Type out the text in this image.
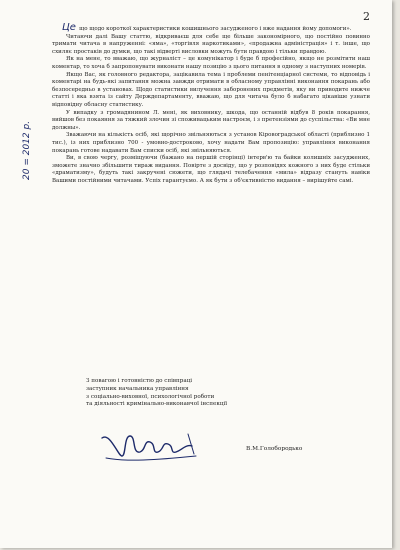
2
20 = 2012 р.

Це що щодо короткої характеристики кошишнього засудженого і вже надання йому допомоги».

Читаючи далі Вашу статтю, відкриваєш для себе ще більше закономірного, що постійно повинно тримати читача в напруженні: «яма», «торгівля наркотиками», «продажна адміністрація» і т. інше, що схиляє простаків до думки, що такі відверті висловки можуть бути правдою і тільки правдою.

Як на мене, то вважаю, що журналіст – це комунікатор і буде б професійно, якщо не розмітити наш коментар, то хоча б запропонувати виконати нашу позицію з цього питання в одному з наступних номерів.

Якщо Вас, як головного редактора, зацікавила тема і проблеми пенітенціарної системи, то відповідь і коментарі на будь-які запитання можна завжди отримати в обласному управлінні виконання покарань або безпосередньо в установах. Щодо статистики вилучення заборонених предметів, яку ви приводите нижче статті і яка взята із сайту Держдепартаменту, вважаю, що для читача було б набагато цікавіше узнати відповідну обласну статистику.

У випадку з громадянином Л. мені, як виховнику, шкода, що останній відбув 8 років покарання, вийшов без покаяння за тяжкий злочин зі споживацьким настроєм, і з претензіями до суспільства: «Ви мне должны».

Зважаючи на кількість осіб, які щорічно звільняються з установ Кіровоградської області (приблизно 1 тис.), із них приблизно 700 - умовно-достроково, хочу надати Вам пропозицію: управління виконання покарань готове надавати Вам списки осіб, які звільняються.

Ви, в свою чергу, розміщуючи (бажано на першій сторінці) інтерв'ю та байки колишніх засуджених, зможете значно збільшити тираж видання. Повірте з досвіду, що у розповідях кожного з них буде стільки «драматизму», будуть такі закручені сюжети, що глядачі телебачення «мила» відразу стануть навіки Вашими постійними читачами. Успіх гарантуємо. А як бути з об'єктивністю видання – вирішуйте самі.

З повагою і готовністю до співпраці
заступник начальника управління
з соціально-виховної, психологічної роботи
та діяльності кримінально-виконавчої інспекції
В.М.Голобородько
